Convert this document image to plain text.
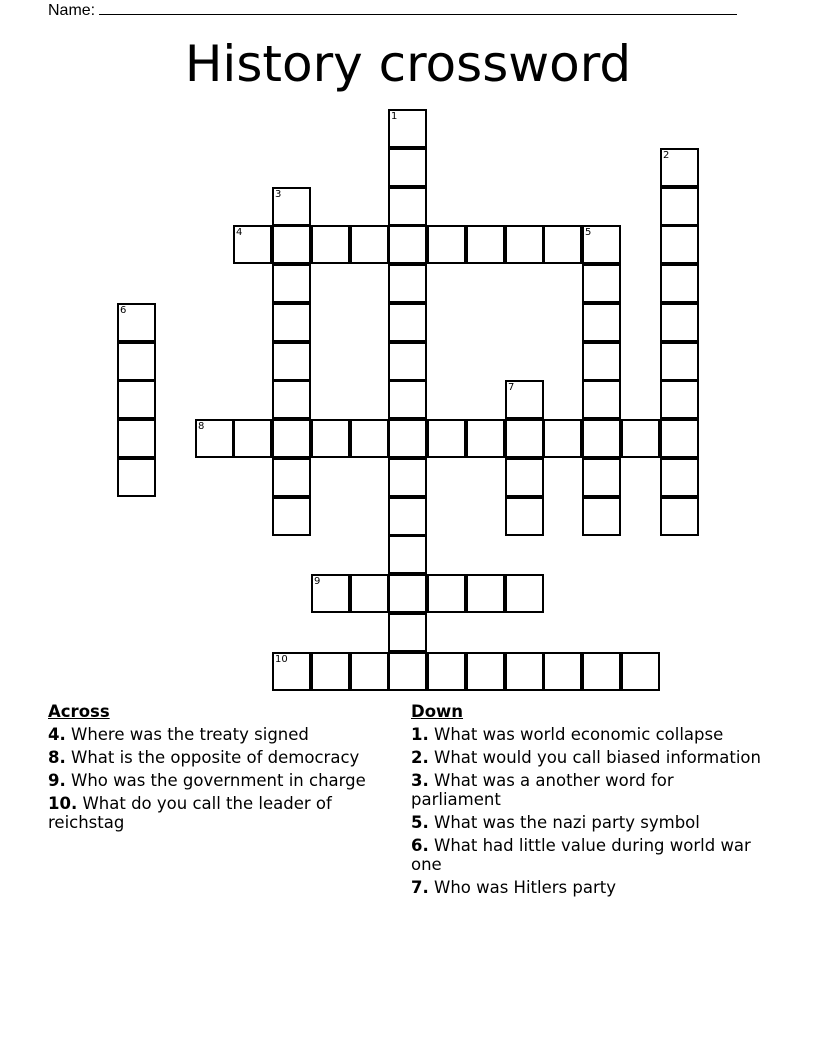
Name:
History crossword
1
2
3
4	5
6
7
8
9
10
Across
4. Where was the treaty signed
8. What is the opposite of democracy
9. Who was the government in charge
10. What do you call the leader of reichstag
Down
1. What was world economic collapse
2. What would you call biased information
3. What was a another word for parliament
5. What was the nazi party symbol
6. What had little value during world war one
7. Who was Hitlers party
